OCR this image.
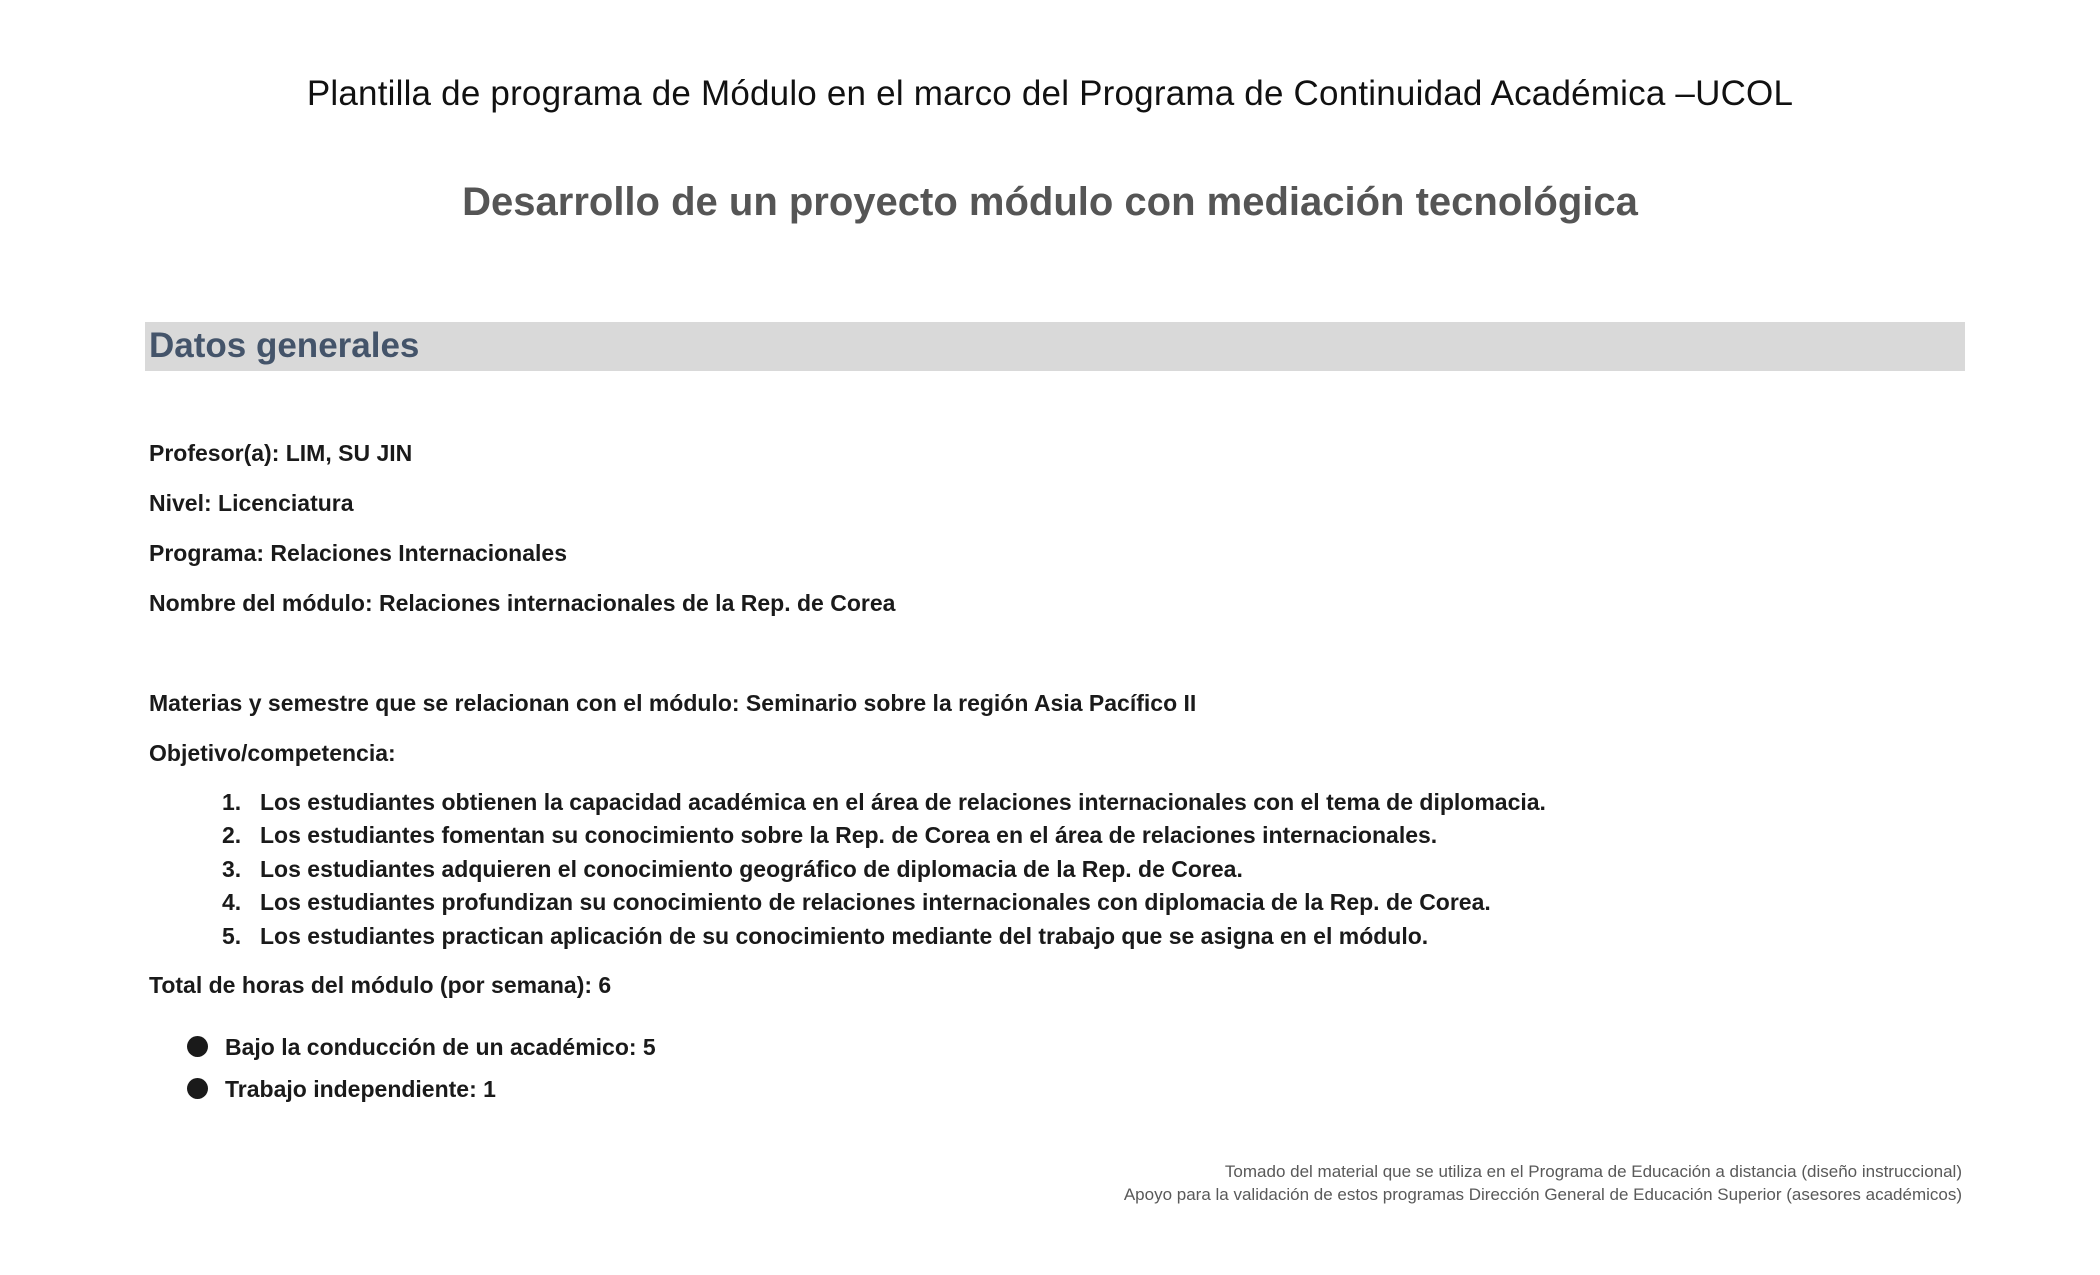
Plantilla de programa de Módulo en el marco del Programa de Continuidad Académica –UCOL
Desarrollo de un proyecto módulo con mediación tecnológica
Datos generales
Profesor(a): LIM, SU JIN
Nivel: Licenciatura
Programa: Relaciones Internacionales
Nombre del módulo: Relaciones internacionales de la Rep. de Corea
Materias y semestre que se relacionan con el módulo: Seminario sobre la región Asia Pacífico II
Objetivo/competencia:
1. Los estudiantes obtienen la capacidad académica en el área de relaciones internacionales con el tema de diplomacia.
2. Los estudiantes fomentan su conocimiento sobre la Rep. de Corea en el área de relaciones internacionales.
3. Los estudiantes adquieren el conocimiento geográfico de diplomacia de la Rep. de Corea.
4. Los estudiantes profundizan su conocimiento de relaciones internacionales con diplomacia de la Rep. de Corea.
5. Los estudiantes practican aplicación de su conocimiento mediante del trabajo que se asigna en el módulo.
Total de horas del módulo (por semana): 6
Bajo la conducción de un académico: 5
Trabajo independiente: 1
Tomado del material que se utiliza en el Programa de Educación a distancia (diseño instruccional)
Apoyo para la validación de estos programas Dirección General de Educación Superior (asesores académicos)
